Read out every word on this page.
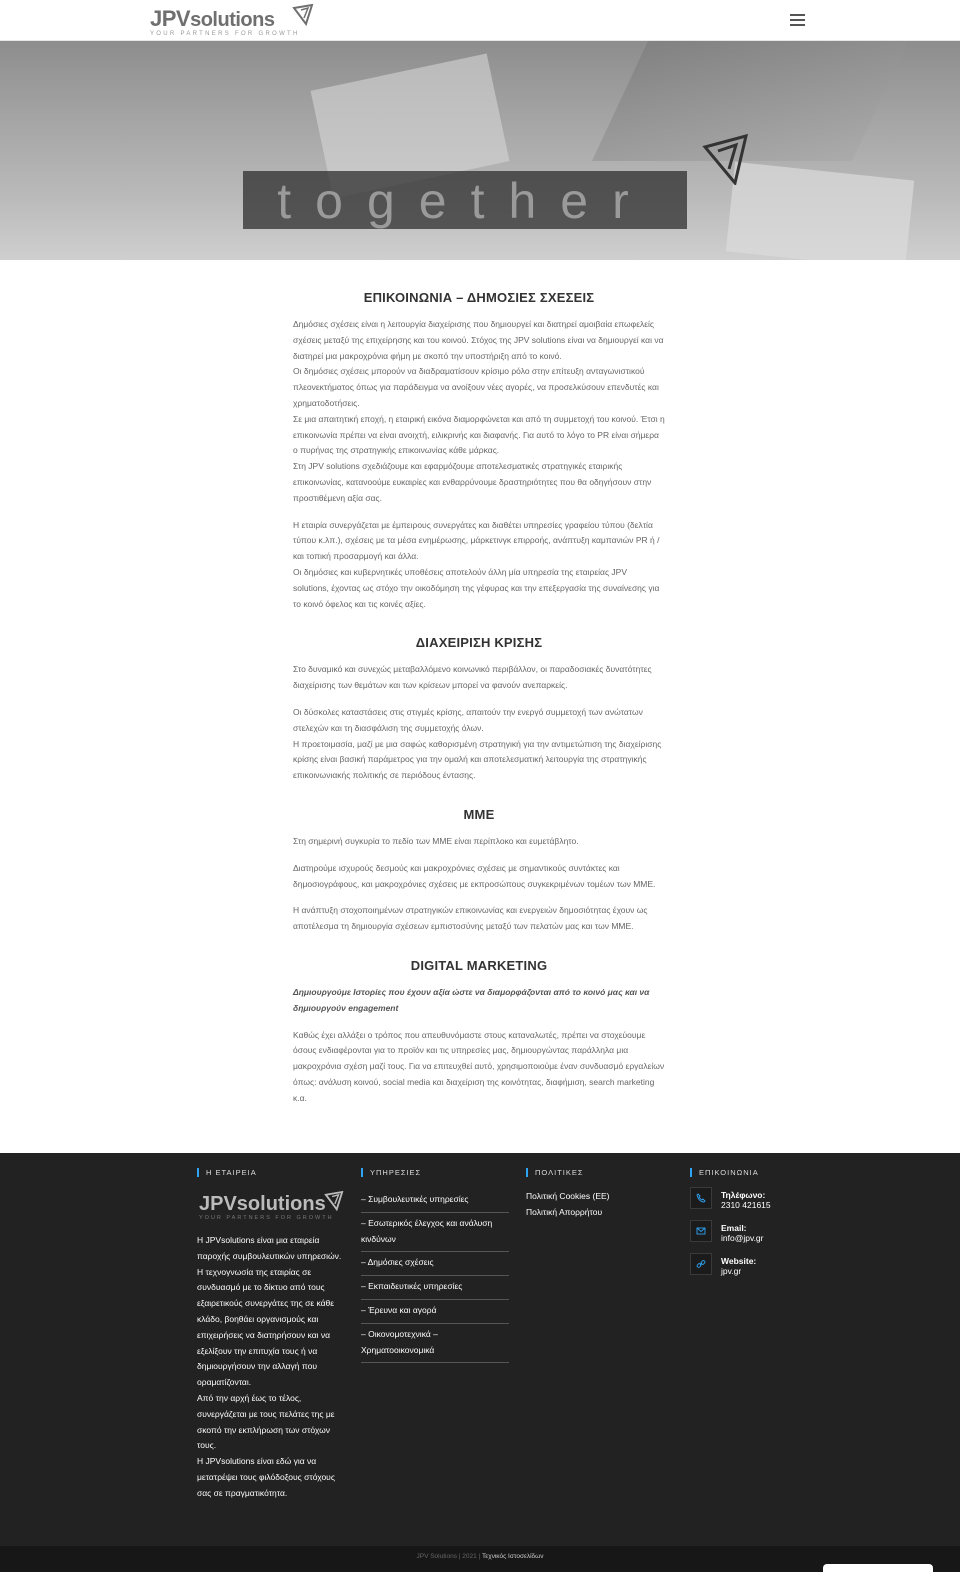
JPVsolutions
YOUR PARTNERS FOR GROWTH
together
ΕΠΙΚΟΙΝΩΝΙΑ – ΔΗΜΟΣΙΕΣ ΣΧΕΣΕΙΣ

Δημόσιες σχέσεις είναι η λειτουργία διαχείρισης που δημιουργεί και διατηρεί αμοιβαία επωφελείς σχέσεις μεταξύ της επιχείρησης και του κοινού. Στόχος της JPV solutions είναι να δημιουργεί και να διατηρεί μια μακροχρόνια φήμη με σκοπό την υποστήριξη από το κοινό.

Οι δημόσιες σχέσεις μπορούν να διαδραματίσουν κρίσιμο ρόλο στην επίτευξη ανταγωνιστικού πλεονεκτήματος όπως για παράδειγμα να ανοίξουν νέες αγορές, να προσελκύσουν επενδυτές και χρηματοδοτήσεις.

Σε μια απαιτητική εποχή, η εταιρική εικόνα διαμορφώνεται και από τη συμμετοχή του κοινού. Έτσι η επικοινωνία πρέπει να είναι ανοιχτή, ειλικρινής και διαφανής. Για αυτό το λόγο το PR είναι σήμερα ο πυρήνας της στρατηγικής επικοινωνίας κάθε μάρκας.

Στη JPV solutions σχεδιάζουμε και εφαρμόζουμε αποτελεσματικές στρατηγικές εταιρικής επικοινωνίας, κατανοούμε ευκαιρίες και ενθαρρύνουμε δραστηριότητες που θα οδηγήσουν στην προστιθέμενη αξία σας.

Η εταιρία συνεργάζεται με έμπειρους συνεργάτες και διαθέτει υπηρεσίες γραφείου τύπου (δελτία τύπου κ.λπ.), σχέσεις με τα μέσα ενημέρωσης, μάρκετινγκ επιρροής, ανάπτυξη καμπανιών PR ή / και τοπική προσαρμογή και άλλα.

Οι δημόσιες και κυβερνητικές υποθέσεις αποτελούν άλλη μία υπηρεσία της εταιρείας JPV solutions, έχοντας ως στόχο την οικοδόμηση της γέφυρας και την επεξεργασία της συναίνεσης για το κοινό όφελος και τις κοινές αξίες.

ΔΙΑΧΕΙΡΙΣΗ ΚΡΙΣΗΣ

Στο δυναμικό και συνεχώς μεταβαλλόμενο κοινωνικό περιβάλλον, οι παραδοσιακές δυνατότητες διαχείρισης των θεμάτων και των κρίσεων μπορεί να φανούν ανεπαρκείς.

Οι δύσκολες καταστάσεις στις στιγμές κρίσης, απαιτούν την ενεργό συμμετοχή των ανώτατων στελεχών και τη διασφάλιση της συμμετοχής όλων.

Η προετοιμασία, μαζί με μια σαφώς καθορισμένη στρατηγική για την αντιμετώπιση της διαχείρισης κρίσης είναι βασική παράμετρος για την ομαλή και αποτελεσματική λειτουργία της στρατηγικής επικοινωνιακής πολιτικής σε περιόδους έντασης.

ΜΜΕ

Στη σημερινή συγκυρία το πεδίο των ΜΜΕ είναι περίπλοκο και ευμετάβλητο.

Διατηρούμε ισχυρούς δεσμούς και μακροχρόνιες σχέσεις με σημαντικούς συντάκτες και δημοσιογράφους, και μακροχρόνιες σχέσεις με εκπροσώπους συγκεκριμένων τομέων των ΜΜΕ.

Η ανάπτυξη στοχοποιημένων στρατηγικών επικοινωνίας και ενεργειών δημοσιότητας έχουν ως αποτέλεσμα τη δημιουργία σχέσεων εμπιστοσύνης μεταξύ των πελατών μας και των ΜΜΕ.

DIGITAL MARKETING

Δημιουργούμε Ιστορίες που έχουν αξία ώστε να διαμορφάζονται από το κοινό μας και να δημιουργούν engagement

Καθώς έχει αλλάξει ο τρόπος που απευθυνόμαστε στους καταναλωτές, πρέπει να στοχεύουμε όσους ενδιαφέρονται για το προϊόν και τις υπηρεσίες μας, δημιουργώντας παράλληλα μια μακροχρόνια σχέση μαζί τους. Για να επιτευχθεί αυτό, χρησιμοποιούμε έναν συνδυασμό εργαλείων όπως: ανάλυση κοινού, social media και διαχείριση της κοινότητας, διαφήμιση, search marketing κ.α.

Η ΕΤΑΙΡΕΙΑ
JPVsolutions
YOUR PARTNERS FOR GROWTH
Η JPVsolutions είναι μια εταιρεία παροχής συμβουλευτικών υπηρεσιών.
Η τεχνογνωσία της εταιρίας σε συνδυασμό με το δίκτυο από τους εξαιρετικούς συνεργάτες της σε κάθε κλάδο, βοηθάει οργανισμούς και επιχειρήσεις να διατηρήσουν και να εξελίξουν την επιτυχία τους ή να δημιουργήσουν την αλλαγή που οραματίζονται.
Από την αρχή έως το τέλος, συνεργάζεται με τους πελάτες της με σκοπό την εκπλήρωση των στόχων τους.
Η JPVsolutions είναι εδώ για να μετατρέψει τους φιλόδοξους στόχους σας σε πραγματικότητα.
ΥΠΗΡΕΣΙΕΣ
– Συμβουλευτικές υπηρεσίες
– Εσωτερικός έλεγχος και ανάλυση κινδύνων
– Δημόσιες σχέσεις
– Εκπαιδευτικές υπηρεσίες
– Έρευνα και αγορά
– Οικονομοτεχνικά – Χρηματοοικονομικά
ΠΟΛΙΤΙΚΕΣ
Πολιτική Cookies (ΕΕ)
Πολιτική Απορρήτου
ΕΠΙΚΟΙΝΩΝΙΑ
Τηλέφωνο:
2310 421615
Email:
info@jpv.gr
Website:
jpv.gr
JPV Solutions | 2021 | Τεχνικός Ιστοσελίδων
